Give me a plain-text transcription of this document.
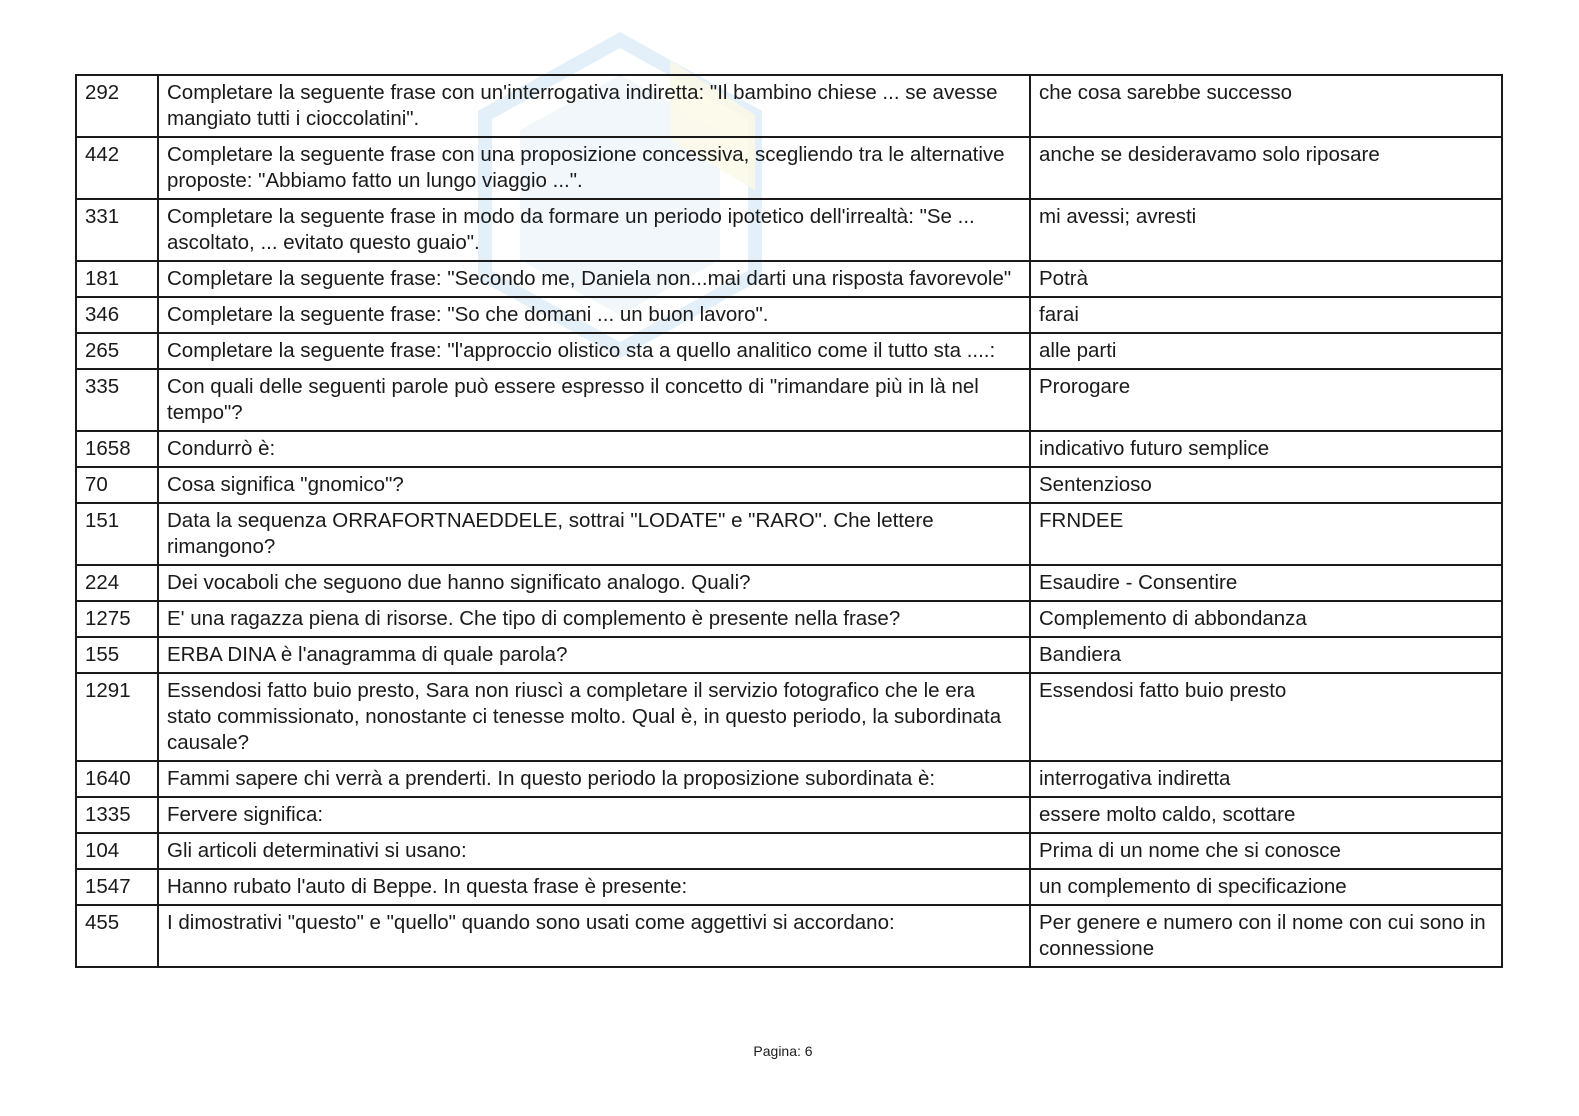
292	Completare la seguente frase con un'interrogativa indiretta: "Il bambino chiese ... se avesse mangiato tutti i cioccolatini".	che cosa sarebbe successo
442	Completare la seguente frase con una proposizione concessiva, scegliendo tra le alternative proposte: "Abbiamo fatto un lungo viaggio ...".	anche se desideravamo solo riposare
331	Completare la seguente frase in modo da formare un periodo ipotetico dell'irrealtà: "Se ... ascoltato, ... evitato questo guaio".	mi avessi; avresti
181	Completare la seguente frase: "Secondo me, Daniela non...mai darti una risposta favorevole"	Potrà
346	Completare la seguente frase: "So che domani ... un buon lavoro".	farai
265	Completare la seguente frase: "l'approccio olistico sta a quello analitico come il tutto sta ....:	alle parti
335	Con quali delle seguenti parole può essere espresso il concetto di "rimandare più in là nel tempo"?	Prorogare
1658	Condurrò è:	indicativo futuro semplice
70	Cosa significa "gnomico"?	Sentenzioso
151	Data la sequenza ORRAFORTNAEDDELE, sottrai "LODATE" e "RARO". Che lettere rimangono?	FRNDEE
224	Dei vocaboli che seguono due hanno significato analogo. Quali?	Esaudire - Consentire
1275	E' una ragazza piena di risorse. Che tipo di complemento è presente nella frase?	Complemento di abbondanza
155	ERBA DINA è l'anagramma di quale parola?	Bandiera
1291	Essendosi fatto buio presto, Sara non riuscì a completare il servizio fotografico che le era stato commissionato, nonostante ci tenesse molto. Qual è, in questo periodo, la subordinata causale?	Essendosi fatto buio presto
1640	Fammi sapere chi verrà a prenderti. In questo periodo la proposizione subordinata è:	interrogativa indiretta
1335	Fervere significa:	essere molto caldo, scottare
104	Gli articoli determinativi si usano:	Prima di un nome che si conosce
1547	Hanno rubato l'auto di Beppe. In questa frase è presente:	un complemento di specificazione
455	I dimostrativi "questo" e "quello" quando sono usati come aggettivi si accordano:	Per genere e numero con il nome con cui sono in connessione
Pagina: 6
